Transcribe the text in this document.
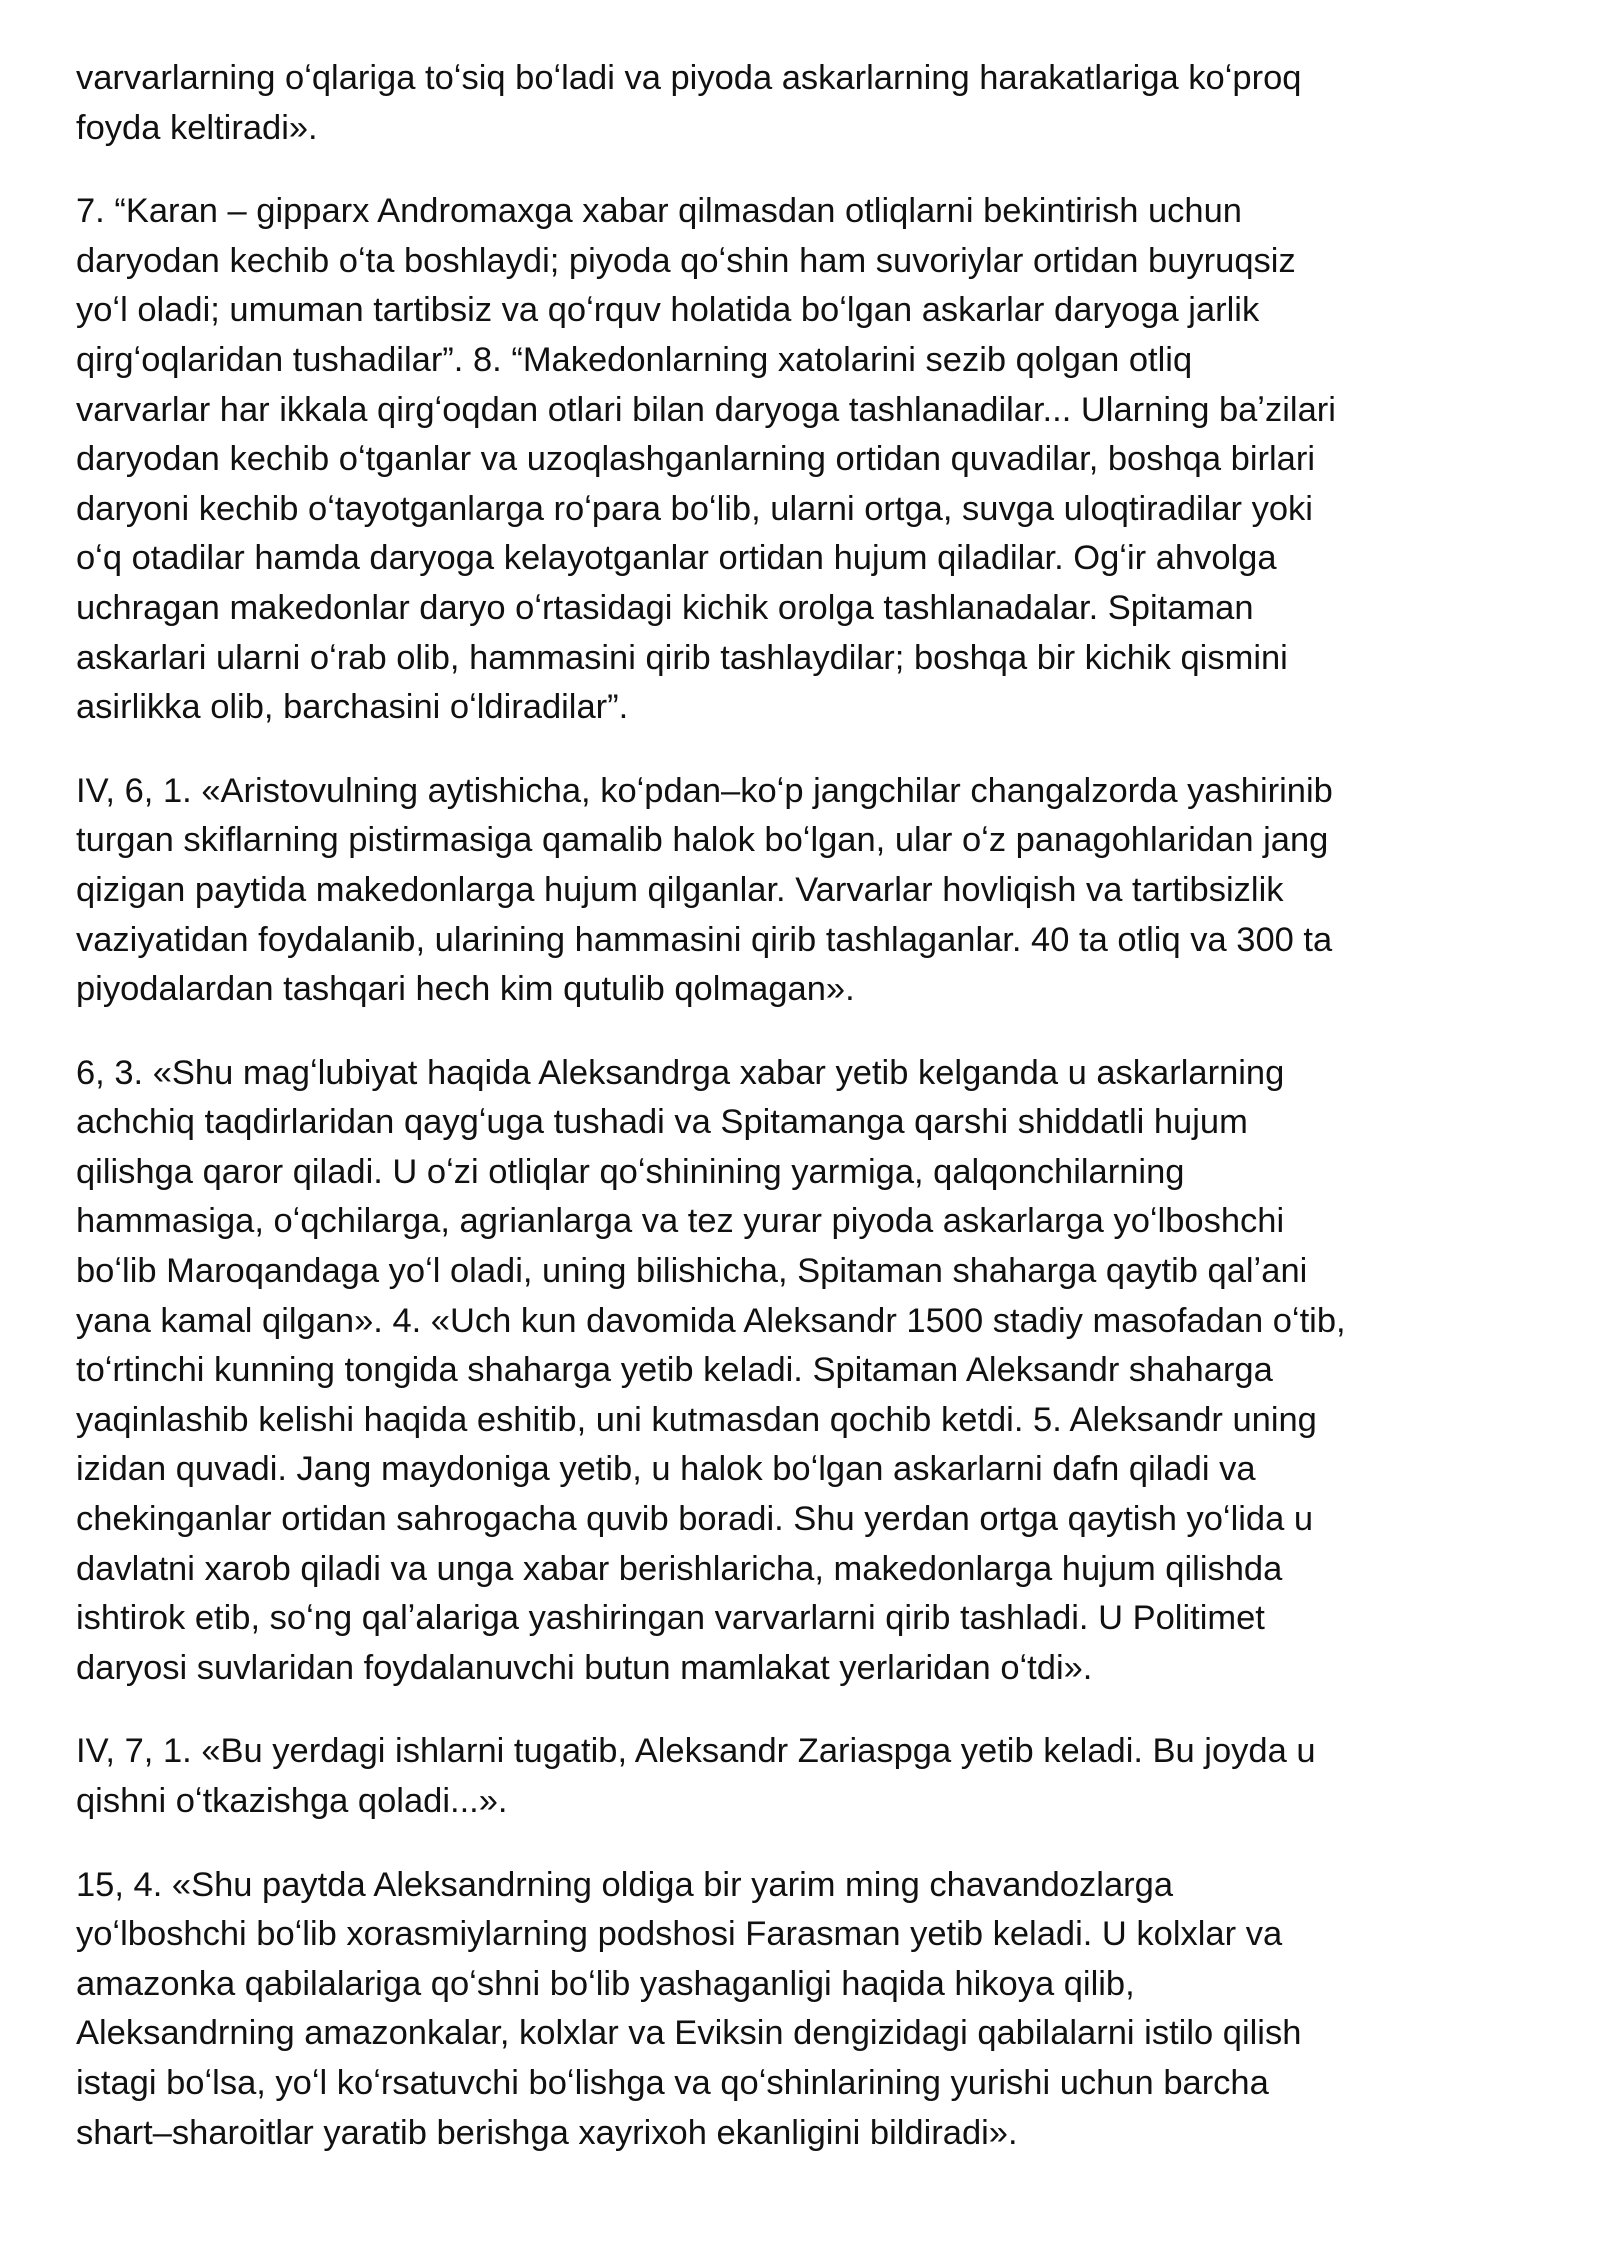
varvarlarning oʻqlariga toʻsiq boʻladi va piyoda askarlarning harakatlariga koʻproq
foyda keltiradi».

7. “Karan – gipparx Andromaxga xabar qilmasdan otliqlarni bekintirish uchun
daryodan kechib oʻta boshlaydi; piyoda qoʻshin ham suvoriylar ortidan buyruqsiz
yoʻl oladi; umuman tartibsiz va qoʻrquv holatida boʻlgan askarlar daryoga jarlik
qirgʻoqlaridan tushadilar”. 8. “Makedonlarning xatolarini sezib qolgan otliq
varvarlar har ikkala qirgʻoqdan otlari bilan daryoga tashlanadilar... Ularning baʼzilari
daryodan kechib oʻtganlar va uzoqlashganlarning ortidan quvadilar, boshqa birlari
daryoni kechib oʻtayotganlarga roʻpara boʻlib, ularni ortga, suvga uloqtiradilar yoki
oʻq otadilar hamda daryoga kelayotganlar ortidan hujum qiladilar. Ogʻir ahvolga
uchragan makedonlar daryo oʻrtasidagi kichik orolga tashlanadalar. Spitaman
askarlari ularni oʻrab olib, hammasini qirib tashlaydilar; boshqa bir kichik qismini
asirlikka olib, barchasini oʻldiradilar”.

IV, 6, 1. «Aristovulning aytishicha, koʻpdan–koʻp jangchilar changalzorda yashirinib
turgan skiflarning pistirmasiga qamalib halok boʻlgan, ular oʻz panagohlaridan jang
qizigan paytida makedonlarga hujum qilganlar. Varvarlar hovliqish va tartibsizlik
vaziyatidan foydalanib, ularining hammasini qirib tashlaganlar. 40 ta otliq va 300 ta
piyodalardan tashqari hech kim qutulib qolmagan».

6, 3. «Shu magʻlubiyat haqida Aleksandrga xabar yetib kelganda u askarlarning
achchiq taqdirlaridan qaygʻuga tushadi va Spitamanga qarshi shiddatli hujum
qilishga qaror qiladi. U oʻzi otliqlar qoʻshinining yarmiga, qalqonchilarning
hammasiga, oʻqchilarga, agrianlarga va tez yurar piyoda askarlarga yoʻlboshchi
boʻlib Maroqandaga yoʻl oladi, uning bilishicha, Spitaman shaharga qaytib qalʼani
yana kamal qilgan». 4. «Uch kun davomida Aleksandr 1500 stadiy masofadan oʻtib,
toʻrtinchi kunning tongida shaharga yetib keladi. Spitaman Aleksandr shaharga
yaqinlashib kelishi haqida eshitib, uni kutmasdan qochib ketdi. 5. Aleksandr uning
izidan quvadi. Jang maydoniga yetib, u halok boʻlgan askarlarni dafn qiladi va
chekinganlar ortidan sahrogacha quvib boradi. Shu yerdan ortga qaytish yoʻlida u
davlatni xarob qiladi va unga xabar berishlaricha, makedonlarga hujum qilishda
ishtirok etib, soʻng qalʼalariga yashiringan varvarlarni qirib tashladi. U Politimet
daryosi suvlaridan foydalanuvchi butun mamlakat yerlaridan oʻtdi».

IV, 7, 1. «Bu yerdagi ishlarni tugatib, Aleksandr Zariaspga yetib keladi. Bu joyda u
qishni oʻtkazishga qoladi...».

15, 4. «Shu paytda Aleksandrning oldiga bir yarim ming chavandozlarga
yoʻlboshchi boʻlib xorasmiylarning podshosi Farasman yetib keladi. U kolxlar va
amazonka qabilalariga qoʻshni boʻlib yashaganligi haqida hikoya qilib,
Aleksandrning amazonkalar, kolxlar va Eviksin dengizidagi qabilalarni istilo qilish
istagi boʻlsa, yoʻl koʻrsatuvchi boʻlishga va qoʻshinlarining yurishi uchun barcha
shart–sharoitlar yaratib berishga xayrixoh ekanligini bildiradi».
